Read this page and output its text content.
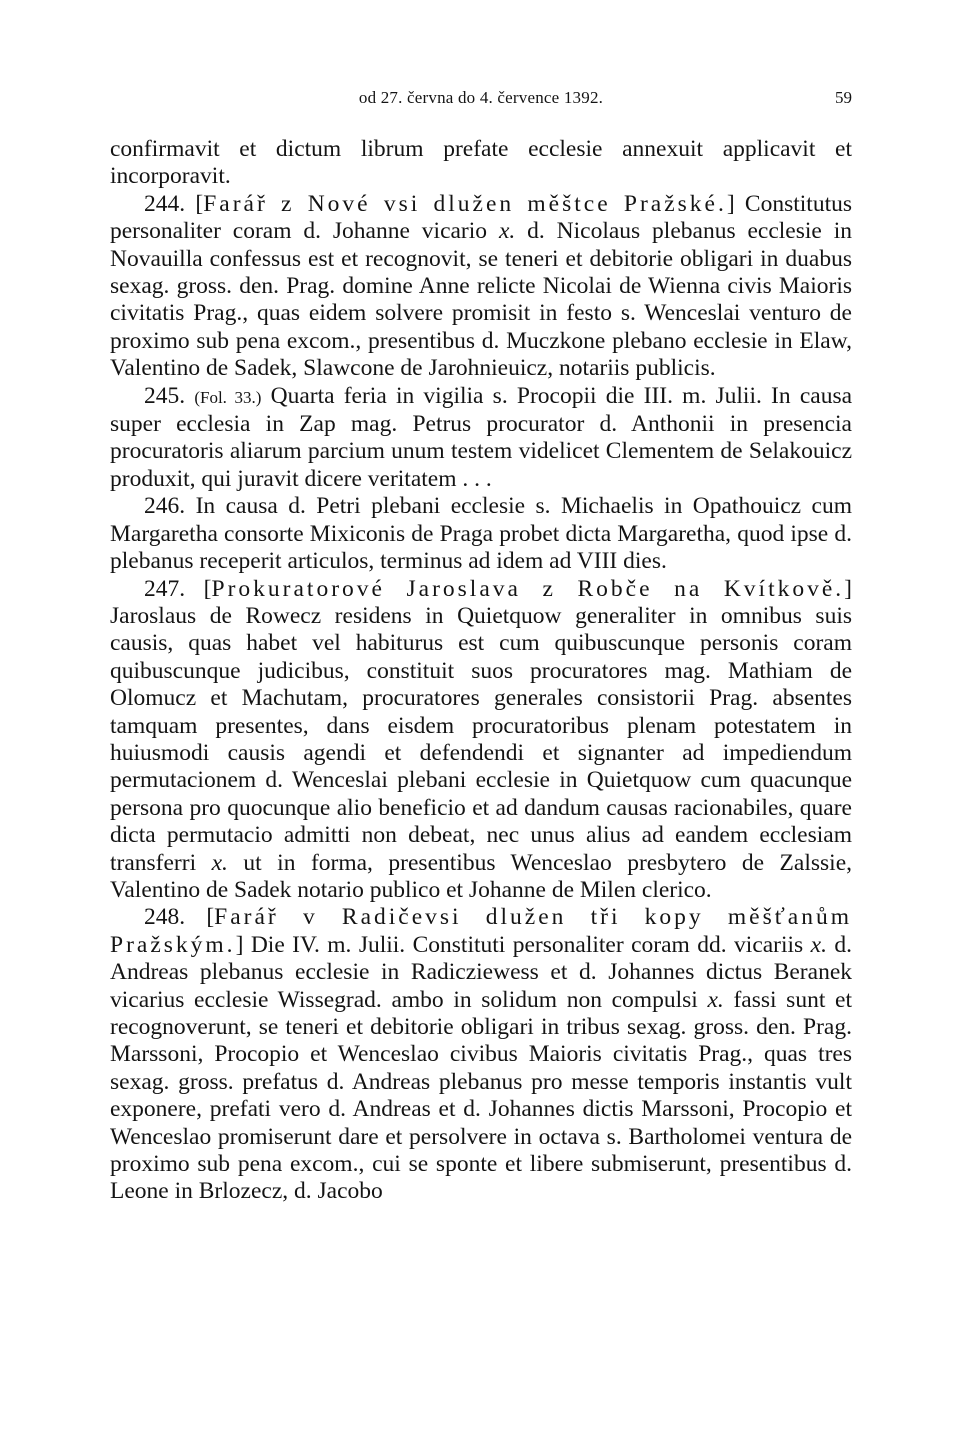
od 27. června do 4. července 1392.	59

confirmavit et dictum librum prefate ecclesie annexuit applicavit et incorporavit.

244. [Farář z Nové vsi dlužen měštce Pražské.] Constitutus personaliter coram d. Johanne vicario x. d. Nicolaus plebanus ecclesie in Novauilla confessus est et recognovit, se teneri et debitorie obligari in duabus sexag. gross. den. Prag. domine Anne relicte Nicolai de Wienna civis Maioris civitatis Prag., quas eidem solvere promisit in festo s. Wenceslai venturo de proximo sub pena excom., presentibus d. Muczkone plebano ecclesie in Elaw, Valentino de Sadek, Slawcone de Jarohnieuicz, notariis publicis.

245. (Fol. 33.) Quarta feria in vigilia s. Procopii die III. m. Julii. In causa super ecclesia in Zap mag. Petrus procurator d. Anthonii in presencia procuratoris aliarum parcium unum testem videlicet Clementem de Selakouicz produxit, qui juravit dicere veritatem . . .

246. In causa d. Petri plebani ecclesie s. Michaelis in Opathouicz cum Margaretha consorte Mixiconis de Praga probet dicta Margaretha, quod ipse d. plebanus receperit articulos, terminus ad idem ad VIII dies.

247. [Prokuratorové Jaroslava z Robče na Kvítkově.] Jaroslaus de Rowecz residens in Quietquow generaliter in omnibus suis causis, quas habet vel habiturus est cum quibuscunque personis coram quibuscunque judicibus, constituit suos procuratores mag. Mathiam de Olomucz et Machutam, procuratores generales consistorii Prag. absentes tamquam presentes, dans eisdem procuratoribus plenam potestatem in huiusmodi causis agendi et defendendi et signanter ad impediendum permutacionem d. Wenceslai plebani ecclesie in Quietquow cum quacunque persona pro quocunque alio beneficio et ad dandum causas racionabiles, quare dicta permutacio admitti non debeat, nec unus alius ad eandem ecclesiam transferri x. ut in forma, presentibus Wenceslao presbytero de Zalssie, Valentino de Sadek notario publico et Johanne de Milen clerico.

248. [Farář v Radičevsi dlužen tři kopy měšťanům Pražským.] Die IV. m. Julii. Constituti personaliter coram dd. vicariis x. d. Andreas plebanus ecclesie in Radicziewess et d. Johannes dictus Beranek vicarius ecclesie Wissegrad. ambo in solidum non compulsi x. fassi sunt et recognoverunt, se teneri et debitorie obligari in tribus sexag. gross. den. Prag. Marssoni, Procopio et Wenceslao civibus Maioris civitatis Prag., quas tres sexag. gross. prefatus d. Andreas plebanus pro messe temporis instantis vult exponere, prefati vero d. Andreas et d. Johannes dictis Marssoni, Procopio et Wenceslao promiserunt dare et persolvere in octava s. Bartholomei ventura de proximo sub pena excom., cui se sponte et libere submiserunt, presentibus d. Leone in Brlozecz, d. Jacobo
